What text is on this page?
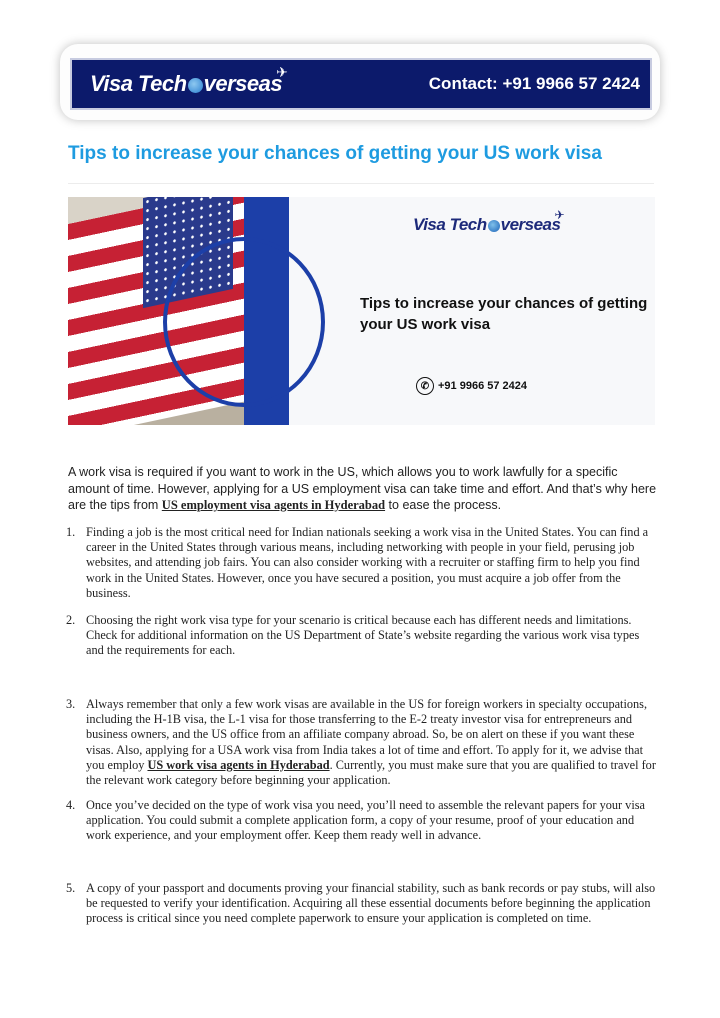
Visa Tech verseas
✈
Contact: +91 9966 57 2424
Tips to increase your chances of getting your US work visa
Visa Tech verseas
✈
Tips to increase your chances of getting your US work visa
✆ +91 9966 57 2424

A work visa is required if you want to work in the US, which allows you to work lawfully for a specific amount of time. However, applying for a US employment visa can take time and effort. And that’s why here are the tips from US employment visa agents in Hyderabad to ease the process.

1. Finding a job is the most critical need for Indian nationals seeking a work visa in the United States. You can find a career in the United States through various means, including networking with people in your field, perusing job websites, and attending job fairs. You can also consider working with a recruiter or staffing firm to help you find work in the United States. However, once you have secured a position, you must acquire a job offer from the business.
2. Choosing the right work visa type for your scenario is critical because each has different needs and limitations. Check for additional information on the US Department of State’s website regarding the various work visa types and the requirements for each.
3. Always remember that only a few work visas are available in the US for foreign workers in specialty occupations, including the H-1B visa, the L-1 visa for those transferring to the E-2 treaty investor visa for entrepreneurs and business owners, and the US office from an affiliate company abroad. So, be on alert on these if you want these visas. Also, applying for a USA work visa from India takes a lot of time and effort. To apply for it, we advise that you employ US work visa agents in Hyderabad. Currently, you must make sure that you are qualified to travel for the relevant work category before beginning your application.
4. Once you’ve decided on the type of work visa you need, you’ll need to assemble the relevant papers for your visa application. You could submit a complete application form, a copy of your resume, proof of your education and work experience, and your employment offer. Keep them ready well in advance.
5. A copy of your passport and documents proving your financial stability, such as bank records or pay stubs, will also be requested to verify your identification. Acquiring all these essential documents before beginning the application process is critical since you need complete paperwork to ensure your application is completed on time.
